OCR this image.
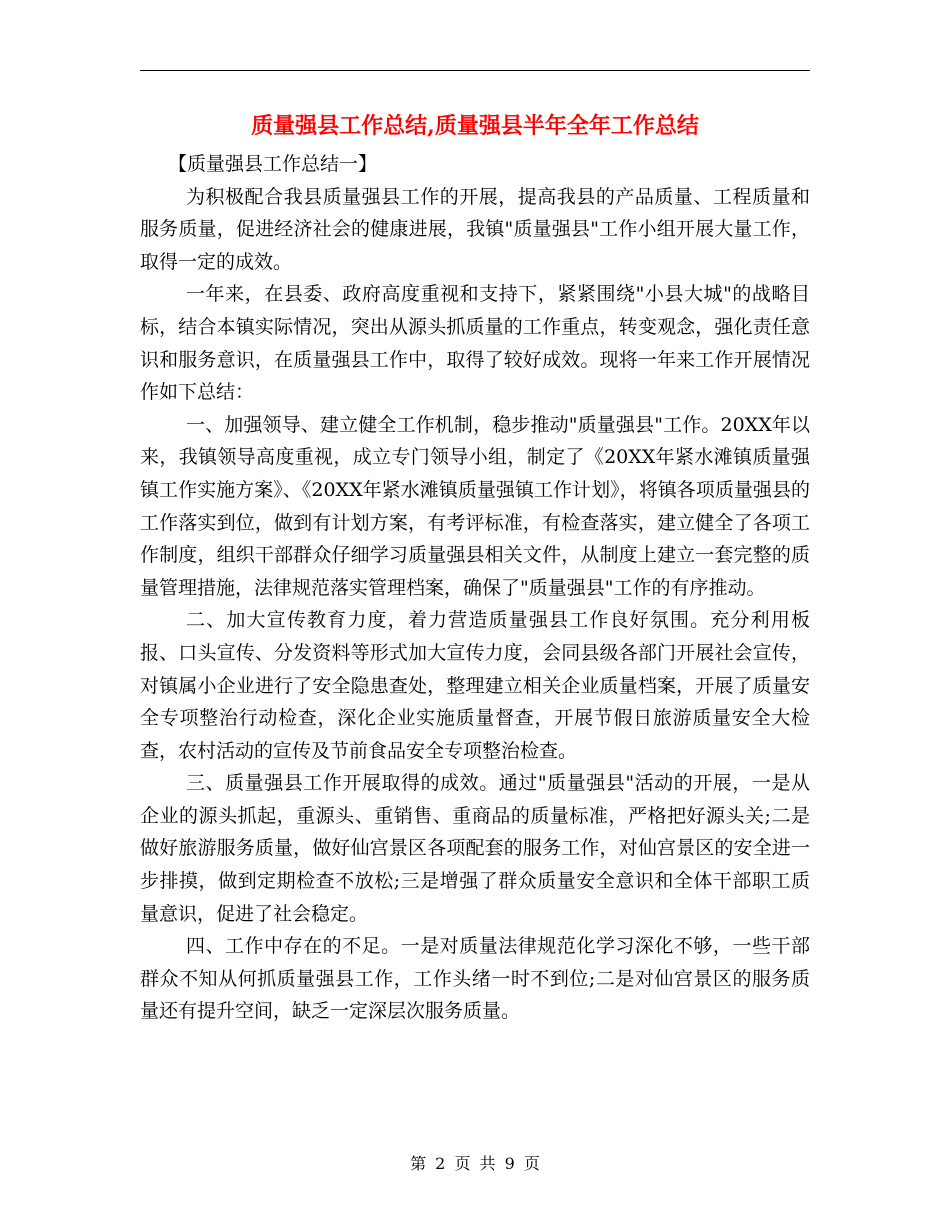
质量强县工作总结,质量强县半年全年工作总结

【质量强县工作总结一】

为积极配合我县质量强县工作的开展，提高我县的产品质量、工程质量和服务质量，促进经济社会的健康进展，我镇"质量强县"工作小组开展大量工作，取得一定的成效。

一年来，在县委、政府高度重视和支持下，紧紧围绕"小县大城"的战略目标，结合本镇实际情况，突出从源头抓质量的工作重点，转变观念，强化责任意识和服务意识，在质量强县工作中，取得了较好成效。现将一年来工作开展情况作如下总结：

一、加强领导、建立健全工作机制，稳步推动"质量强县"工作。20XX年以来，我镇领导高度重视，成立专门领导小组，制定了《20XX年紧水滩镇质量强镇工作实施方案》、《20XX年紧水滩镇质量强镇工作计划》，将镇各项质量强县的工作落实到位，做到有计划方案，有考评标准，有检查落实，建立健全了各项工作制度，组织干部群众仔细学习质量强县相关文件，从制度上建立一套完整的质量管理措施，法律规范落实管理档案，确保了"质量强县"工作的有序推动。

二、加大宣传教育力度，着力营造质量强县工作良好氛围。充分利用板报、口头宣传、分发资料等形式加大宣传力度，会同县级各部门开展社会宣传，对镇属小企业进行了安全隐患查处，整理建立相关企业质量档案，开展了质量安全专项整治行动检查，深化企业实施质量督查，开展节假日旅游质量安全大检查，农村活动的宣传及节前食品安全专项整治检查。

三、质量强县工作开展取得的成效。通过"质量强县"活动的开展，一是从企业的源头抓起，重源头、重销售、重商品的质量标准，严格把好源头关;二是做好旅游服务质量，做好仙宫景区各项配套的服务工作，对仙宫景区的安全进一步排摸，做到定期检查不放松;三是增强了群众质量安全意识和全体干部职工质量意识，促进了社会稳定。

四、工作中存在的不足。一是对质量法律规范化学习深化不够，一些干部群众不知从何抓质量强县工作，工作头绪一时不到位;二是对仙宫景区的服务质量还有提升空间，缺乏一定深层次服务质量。

第 2 页 共 9 页
